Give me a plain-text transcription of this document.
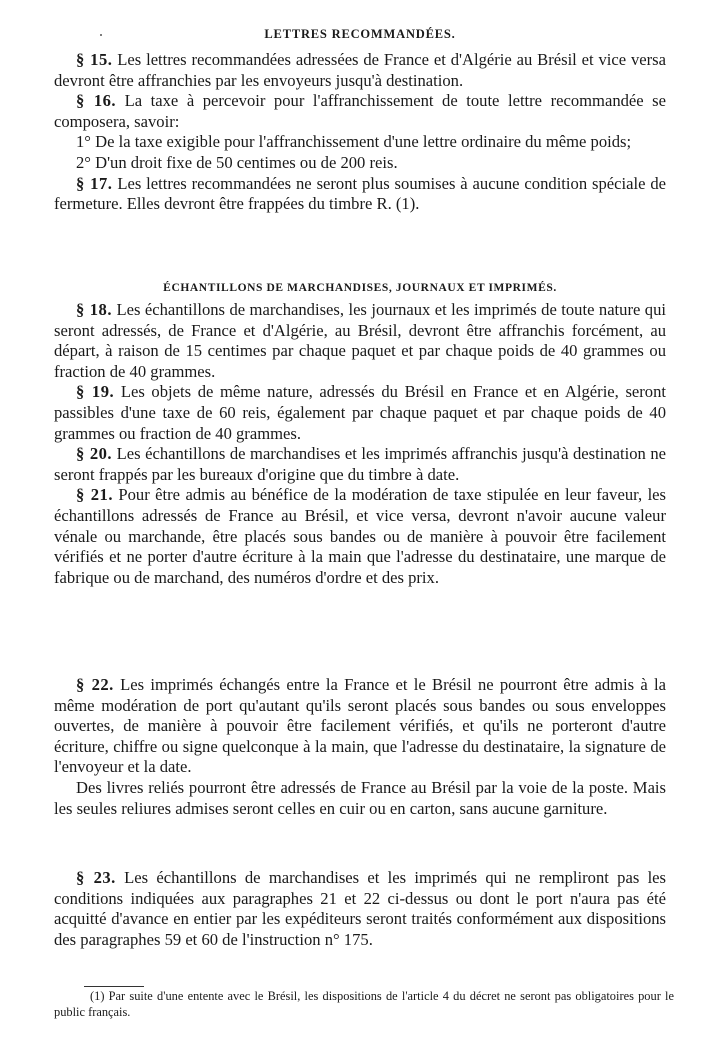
LETTRES RECOMMANDÉES.

§ 15. Les lettres recommandées adressées de France et d'Algérie au Brésil et vice versa devront être affranchies par les envoyeurs jusqu'à destination.

§ 16. La taxe à percevoir pour l'affranchissement de toute lettre recommandée se composera, savoir:

1° De la taxe exigible pour l'affranchissement d'une lettre ordinaire du même poids;

2° D'un droit fixe de 50 centimes ou de 200 reis.

§ 17. Les lettres recommandées ne seront plus soumises à aucune condition spéciale de fermeture. Elles devront être frappées du timbre R. (1).

ÉCHANTILLONS DE MARCHANDISES, JOURNAUX ET IMPRIMÉS.

§ 18. Les échantillons de marchandises, les journaux et les imprimés de toute nature qui seront adressés, de France et d'Algérie, au Brésil, devront être affranchis forcément, au départ, à raison de 15 centimes par chaque paquet et par chaque poids de 40 grammes ou fraction de 40 grammes.

§ 19. Les objets de même nature, adressés du Brésil en France et en Algérie, seront passibles d'une taxe de 60 reis, également par chaque paquet et par chaque poids de 40 grammes ou fraction de 40 grammes.

§ 20. Les échantillons de marchandises et les imprimés affranchis jusqu'à destination ne seront frappés par les bureaux d'origine que du timbre à date.

§ 21. Pour être admis au bénéfice de la modération de taxe stipulée en leur faveur, les échantillons adressés de France au Brésil, et vice versa, devront n'avoir aucune valeur vénale ou marchande, être placés sous bandes ou de manière à pouvoir être facilement vérifiés et ne porter d'autre écriture à la main que l'adresse du destinataire, une marque de fabrique ou de marchand, des numéros d'ordre et des prix.

§ 22. Les imprimés échangés entre la France et le Brésil ne pourront être admis à la même modération de port qu'autant qu'ils seront placés sous bandes ou sous enveloppes ouvertes, de manière à pouvoir être facilement vérifiés, et qu'ils ne porteront d'autre écriture, chiffre ou signe quelconque à la main, que l'adresse du destinataire, la signature de l'envoyeur et la date.

Des livres reliés pourront être adressés de France au Brésil par la voie de la poste. Mais les seules reliures admises seront celles en cuir ou en carton, sans aucune garniture.

§ 23. Les échantillons de marchandises et les imprimés qui ne rempliront pas les conditions indiquées aux paragraphes 21 et 22 ci-dessus ou dont le port n'aura pas été acquitté d'avance en entier par les expéditeurs seront traités conformément aux dispositions des paragraphes 59 et 60 de l'instruction n° 175.

(1) Par suite d'une entente avec le Brésil, les dispositions de l'article 4 du décret ne seront pas obligatoires pour le public français.
